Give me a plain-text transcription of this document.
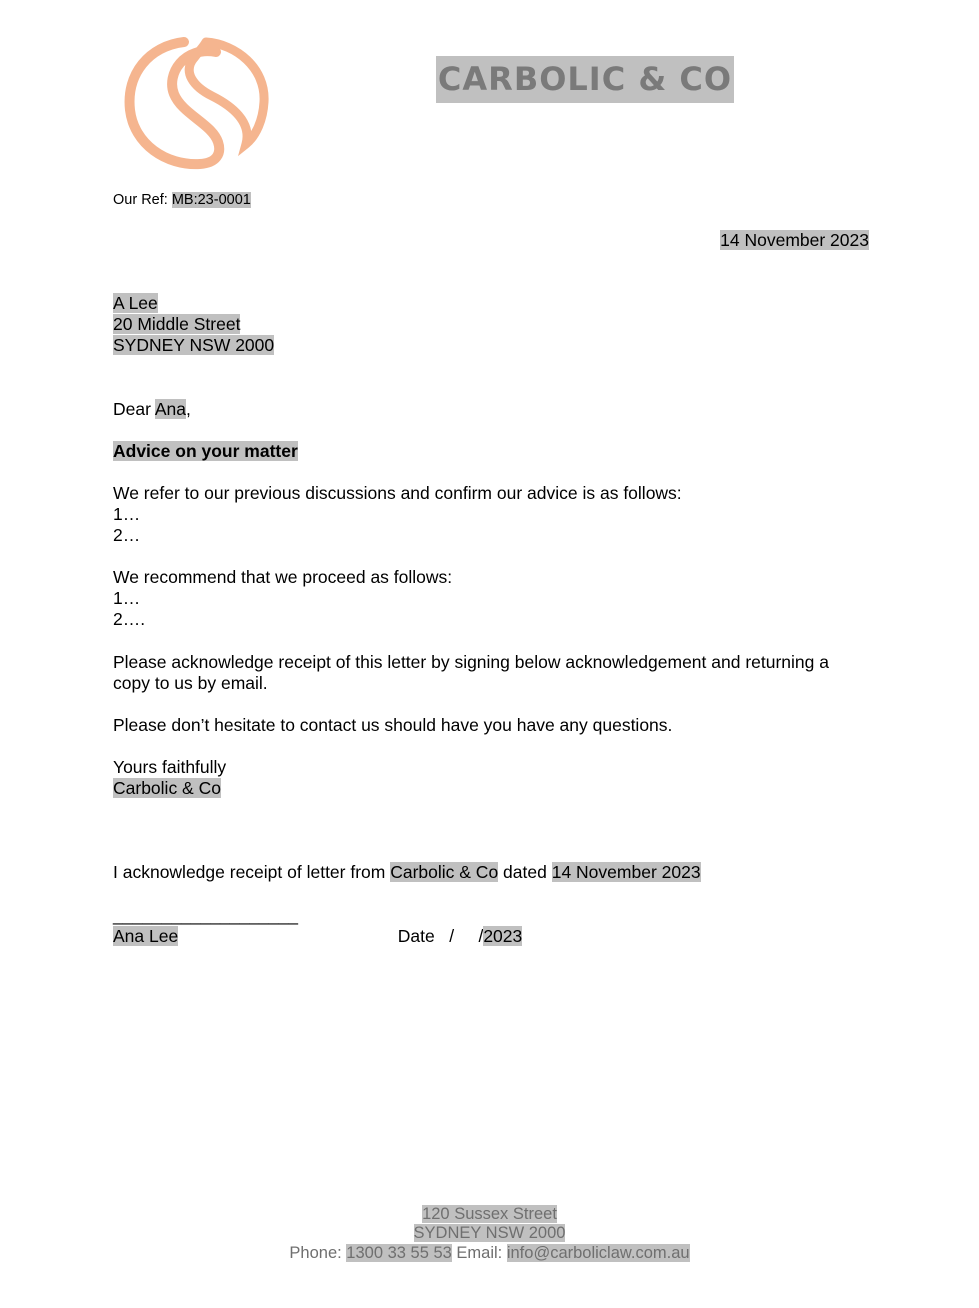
CARBOLIC & CO
Our Ref: MB:23-0001
14 November 2023
A Lee
20 Middle Street
SYDNEY NSW 2000
Dear Ana,
Advice on your matter
We refer to our previous discussions and confirm our advice is as follows:
1…
2…
We recommend that we proceed as follows:
1…
2….
Please acknowledge receipt of this letter by signing below acknowledgement and returning a
copy to us by email.
Please don’t hesitate to contact us should have you have any questions.
Yours faithfully
Carbolic & Co
I acknowledge receipt of letter from Carbolic & Co dated 14 November 2023
___________________

Date   /     /2023

Ana Lee
120 Sussex Street
SYDNEY NSW 2000
Phone: 1300 33 55 53 Email: info@carboliclaw.com.au
